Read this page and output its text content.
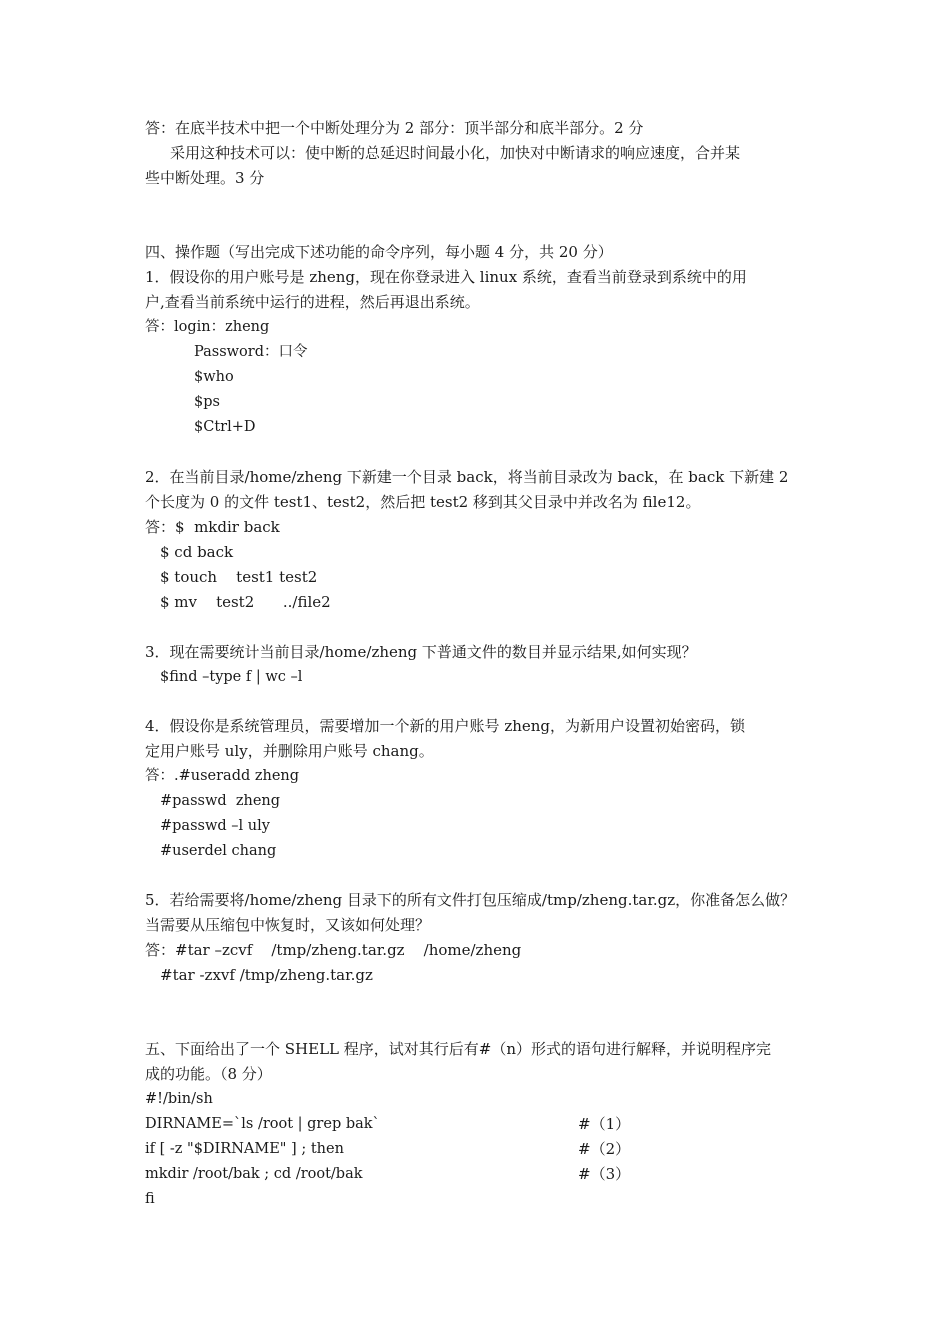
答：在底半技术中把一个中断处理分为 2 部分：顶半部分和底半部分。2 分
采用这种技术可以：使中断的总延迟时间最小化，加快对中断请求的响应速度，合并某
些中断处理。3 分
四、操作题（写出完成下述功能的命令序列，每小题 4 分，共 20 分）
1．假设你的用户账号是 zheng，现在你登录进入 linux 系统，查看当前登录到系统中的用
户,查看当前系统中运行的进程，然后再退出系统。
答：login：zheng
Password：口令
$who
$ps
$Ctrl+D
2．在当前目录/home/zheng 下新建一个目录 back，将当前目录改为 back，在 back 下新建 2
个长度为 0 的文件 test1、test2，然后把 test2 移到其父目录中并改名为 file12。
答：$  mkdir back
$ cd back
$ touch    test1 test2
$ mv    test2      ../file2
3．现在需要统计当前目录/home/zheng 下普通文件的数目并显示结果,如何实现？
$find –type f | wc –l
4．假设你是系统管理员，需要增加一个新的用户账号 zheng，为新用户设置初始密码，锁
定用户账号 uly，并删除用户账号 chang。
答：.#useradd zheng
#passwd  zheng
#passwd –l uly
#userdel chang
5．若给需要将/home/zheng 目录下的所有文件打包压缩成/tmp/zheng.tar.gz，你准备怎么做？
当需要从压缩包中恢复时，又该如何处理？
答：#tar –zcvf    /tmp/zheng.tar.gz    /home/zheng
#tar -zxvf /tmp/zheng.tar.gz
五、下面给出了一个 SHELL 程序，试对其行后有#（n）形式的语句进行解释，并说明程序完
成的功能。（8 分）
#!/bin/sh
DIRNAME=`ls /root | grep bak`	#（1）
if [ -z "$DIRNAME" ] ; then	#（2）
mkdir /root/bak ; cd /root/bak	#（3）
fi
